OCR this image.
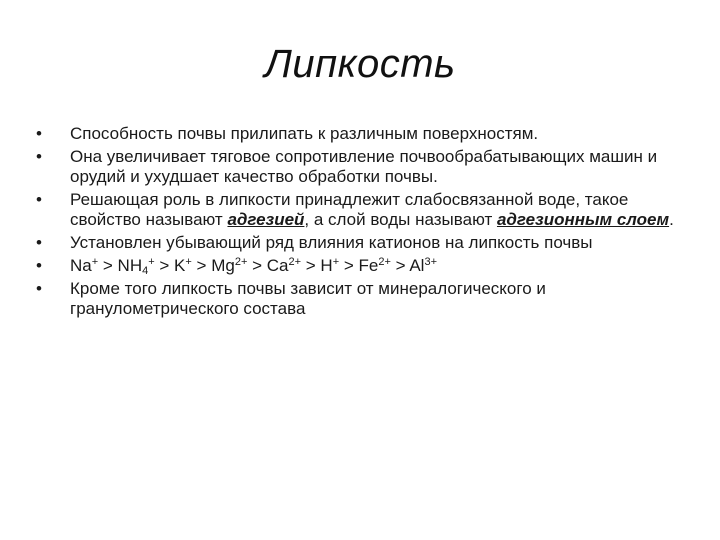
Липкость
•	Способность почвы прилипать к различным поверхностям.
•	Она увеличивает тяговое сопротивление почвообрабатывающих машин и орудий и ухудшает качество обработки почвы.
•	Решающая роль в липкости принадлежит слабосвязанной воде, такое свойство называют адгезией, а слой воды называют адгезионным слоем.
•	Установлен убывающий ряд влияния катионов на липкость почвы
•	$Na^+ > NH_4^+ > K^+ > Mg^{2+} > Ca^{2+} > H^+ > Fe^{2+} > Al^{3+}$
•	Кроме того липкость почвы зависит от минералогического и гранулометрического состава
